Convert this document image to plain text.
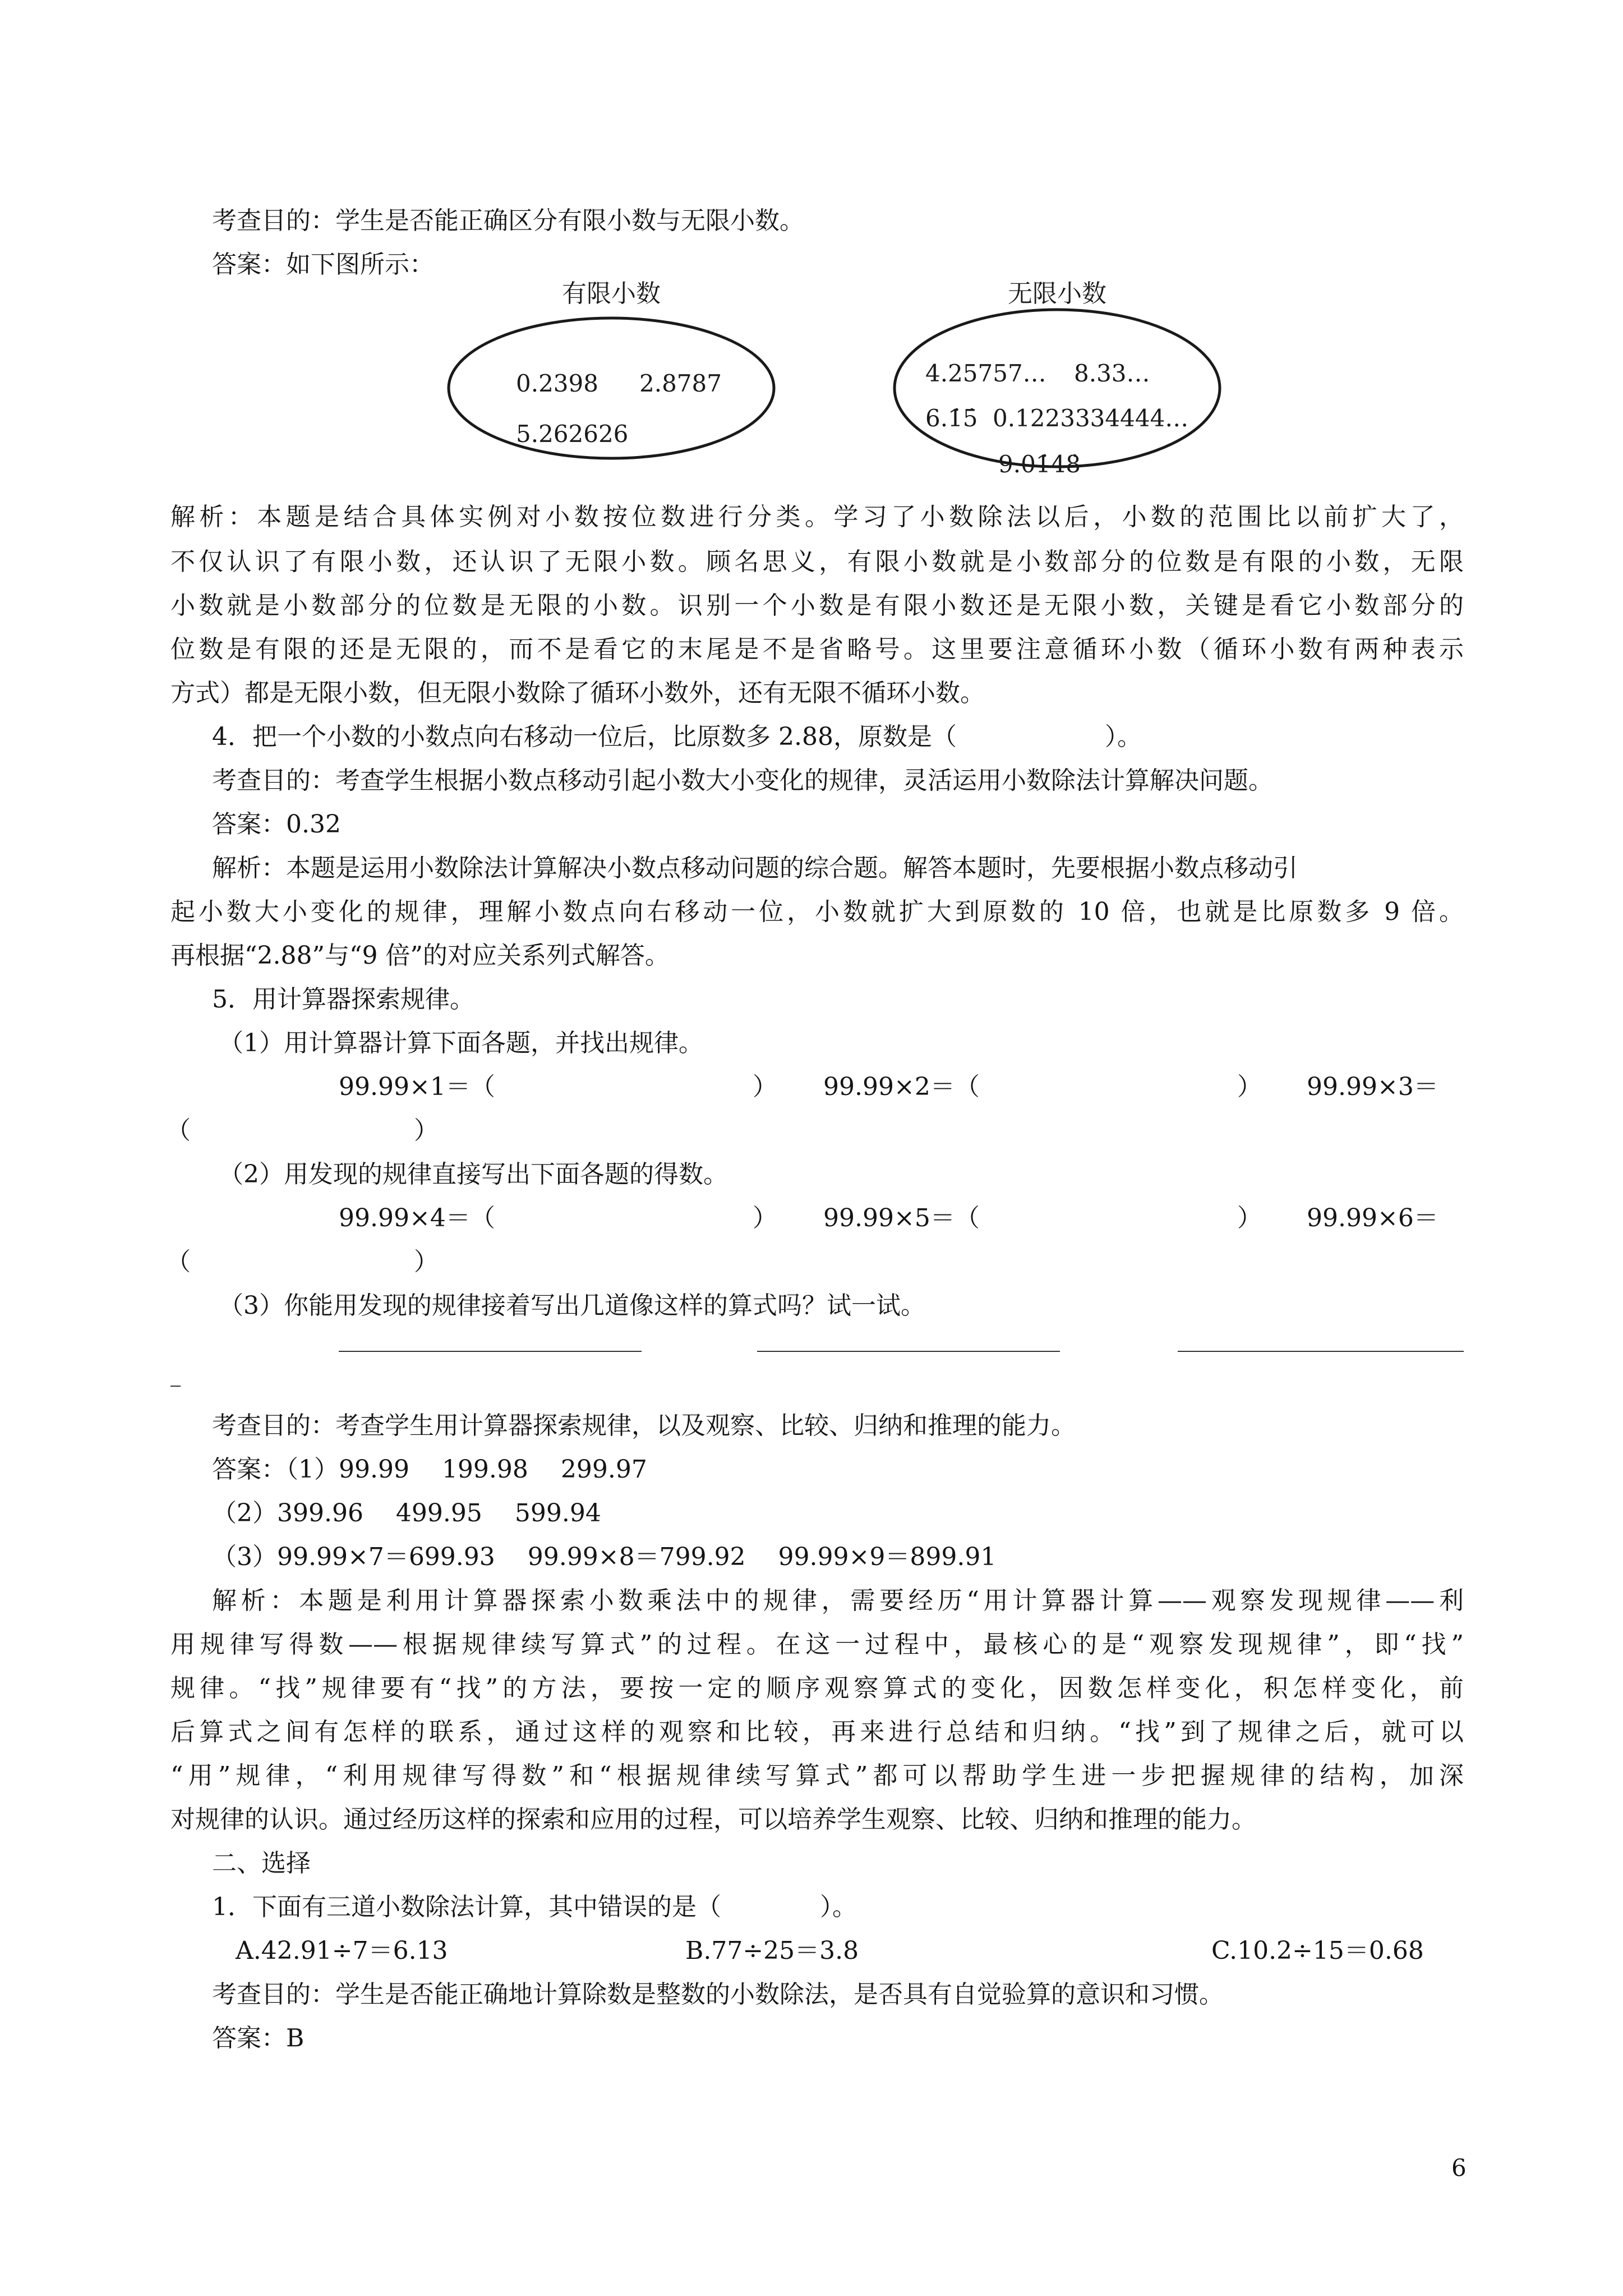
考查目的：学生是否能正确区分有限小数与无限小数。
答案：如下图所示：
有限小数	无限小数
0.2398 2.8787
5.262626
4.25757… 8.33…
6.1̇5̇ 0.1223334444…
9.01̇48̇
解析：本题是结合具体实例对小数按位数进行分类。学习了小数除法以后，小数的范围比以前扩大了，
不仅认识了有限小数，还认识了无限小数。顾名思义，有限小数就是小数部分的位数是有限的小数，无限
小数就是小数部分的位数是无限的小数。识别一个小数是有限小数还是无限小数，关键是看它小数部分的
位数是有限的还是无限的，而不是看它的末尾是不是省略号。这里要注意循环小数（循环小数有两种表示
方式）都是无限小数，但无限小数除了循环小数外，还有无限不循环小数。
4．把一个小数的小数点向右移动一位后，比原数多 2.88，原数是（　　　　　　）。
考查目的：考查学生根据小数点移动引起小数大小变化的规律，灵活运用小数除法计算解决问题。
答案：0.32
解析：本题是运用小数除法计算解决小数点移动问题的综合题。解答本题时，先要根据小数点移动引
起小数大小变化的规律，理解小数点向右移动一位，小数就扩大到原数的 10 倍，也就是比原数多 9 倍。
再根据“2.88”与“9 倍”的对应关系列式解答。
5．用计算器探索规律。
（1）用计算器计算下面各题，并找出规律。
99.99×1＝（	） 99.99×2＝（	） 99.99×3＝
（	）
（2）用发现的规律直接写出下面各题的得数。
99.99×4＝（	） 99.99×5＝（	） 99.99×6＝
（	）
（3）你能用发现的规律接着写出几道像这样的算式吗？试一试。
考查目的：考查学生用计算器探索规律，以及观察、比较、归纳和推理的能力。
答案：（1）99.99　 199.98　 299.97
（2）399.96　 499.95　 599.94
（3）99.99×7＝699.93　 99.99×8＝799.92　 99.99×9＝899.91
解析：本题是利用计算器探索小数乘法中的规律，需要经历“用计算器计算——观察发现规律——利
用规律写得数——根据规律续写算式”的过程。在这一过程中，最核心的是“观察发现规律”，即“找”
规律。“找”规律要有“找”的方法，要按一定的顺序观察算式的变化，因数怎样变化，积怎样变化，前
后算式之间有怎样的联系，通过这样的观察和比较，再来进行总结和归纳。“找”到了规律之后，就可以
“用”规律，“利用规律写得数”和“根据规律续写算式”都可以帮助学生进一步把握规律的结构，加深
对规律的认识。通过经历这样的探索和应用的过程，可以培养学生观察、比较、归纳和推理的能力。
二、选择
1．下面有三道小数除法计算，其中错误的是（　　　　）。
A.42.91÷7＝6.13	B.77÷25＝3.8	C.10.2÷15＝0.68
考查目的：学生是否能正确地计算除数是整数的小数除法，是否具有自觉验算的意识和习惯。
答案：B
6
